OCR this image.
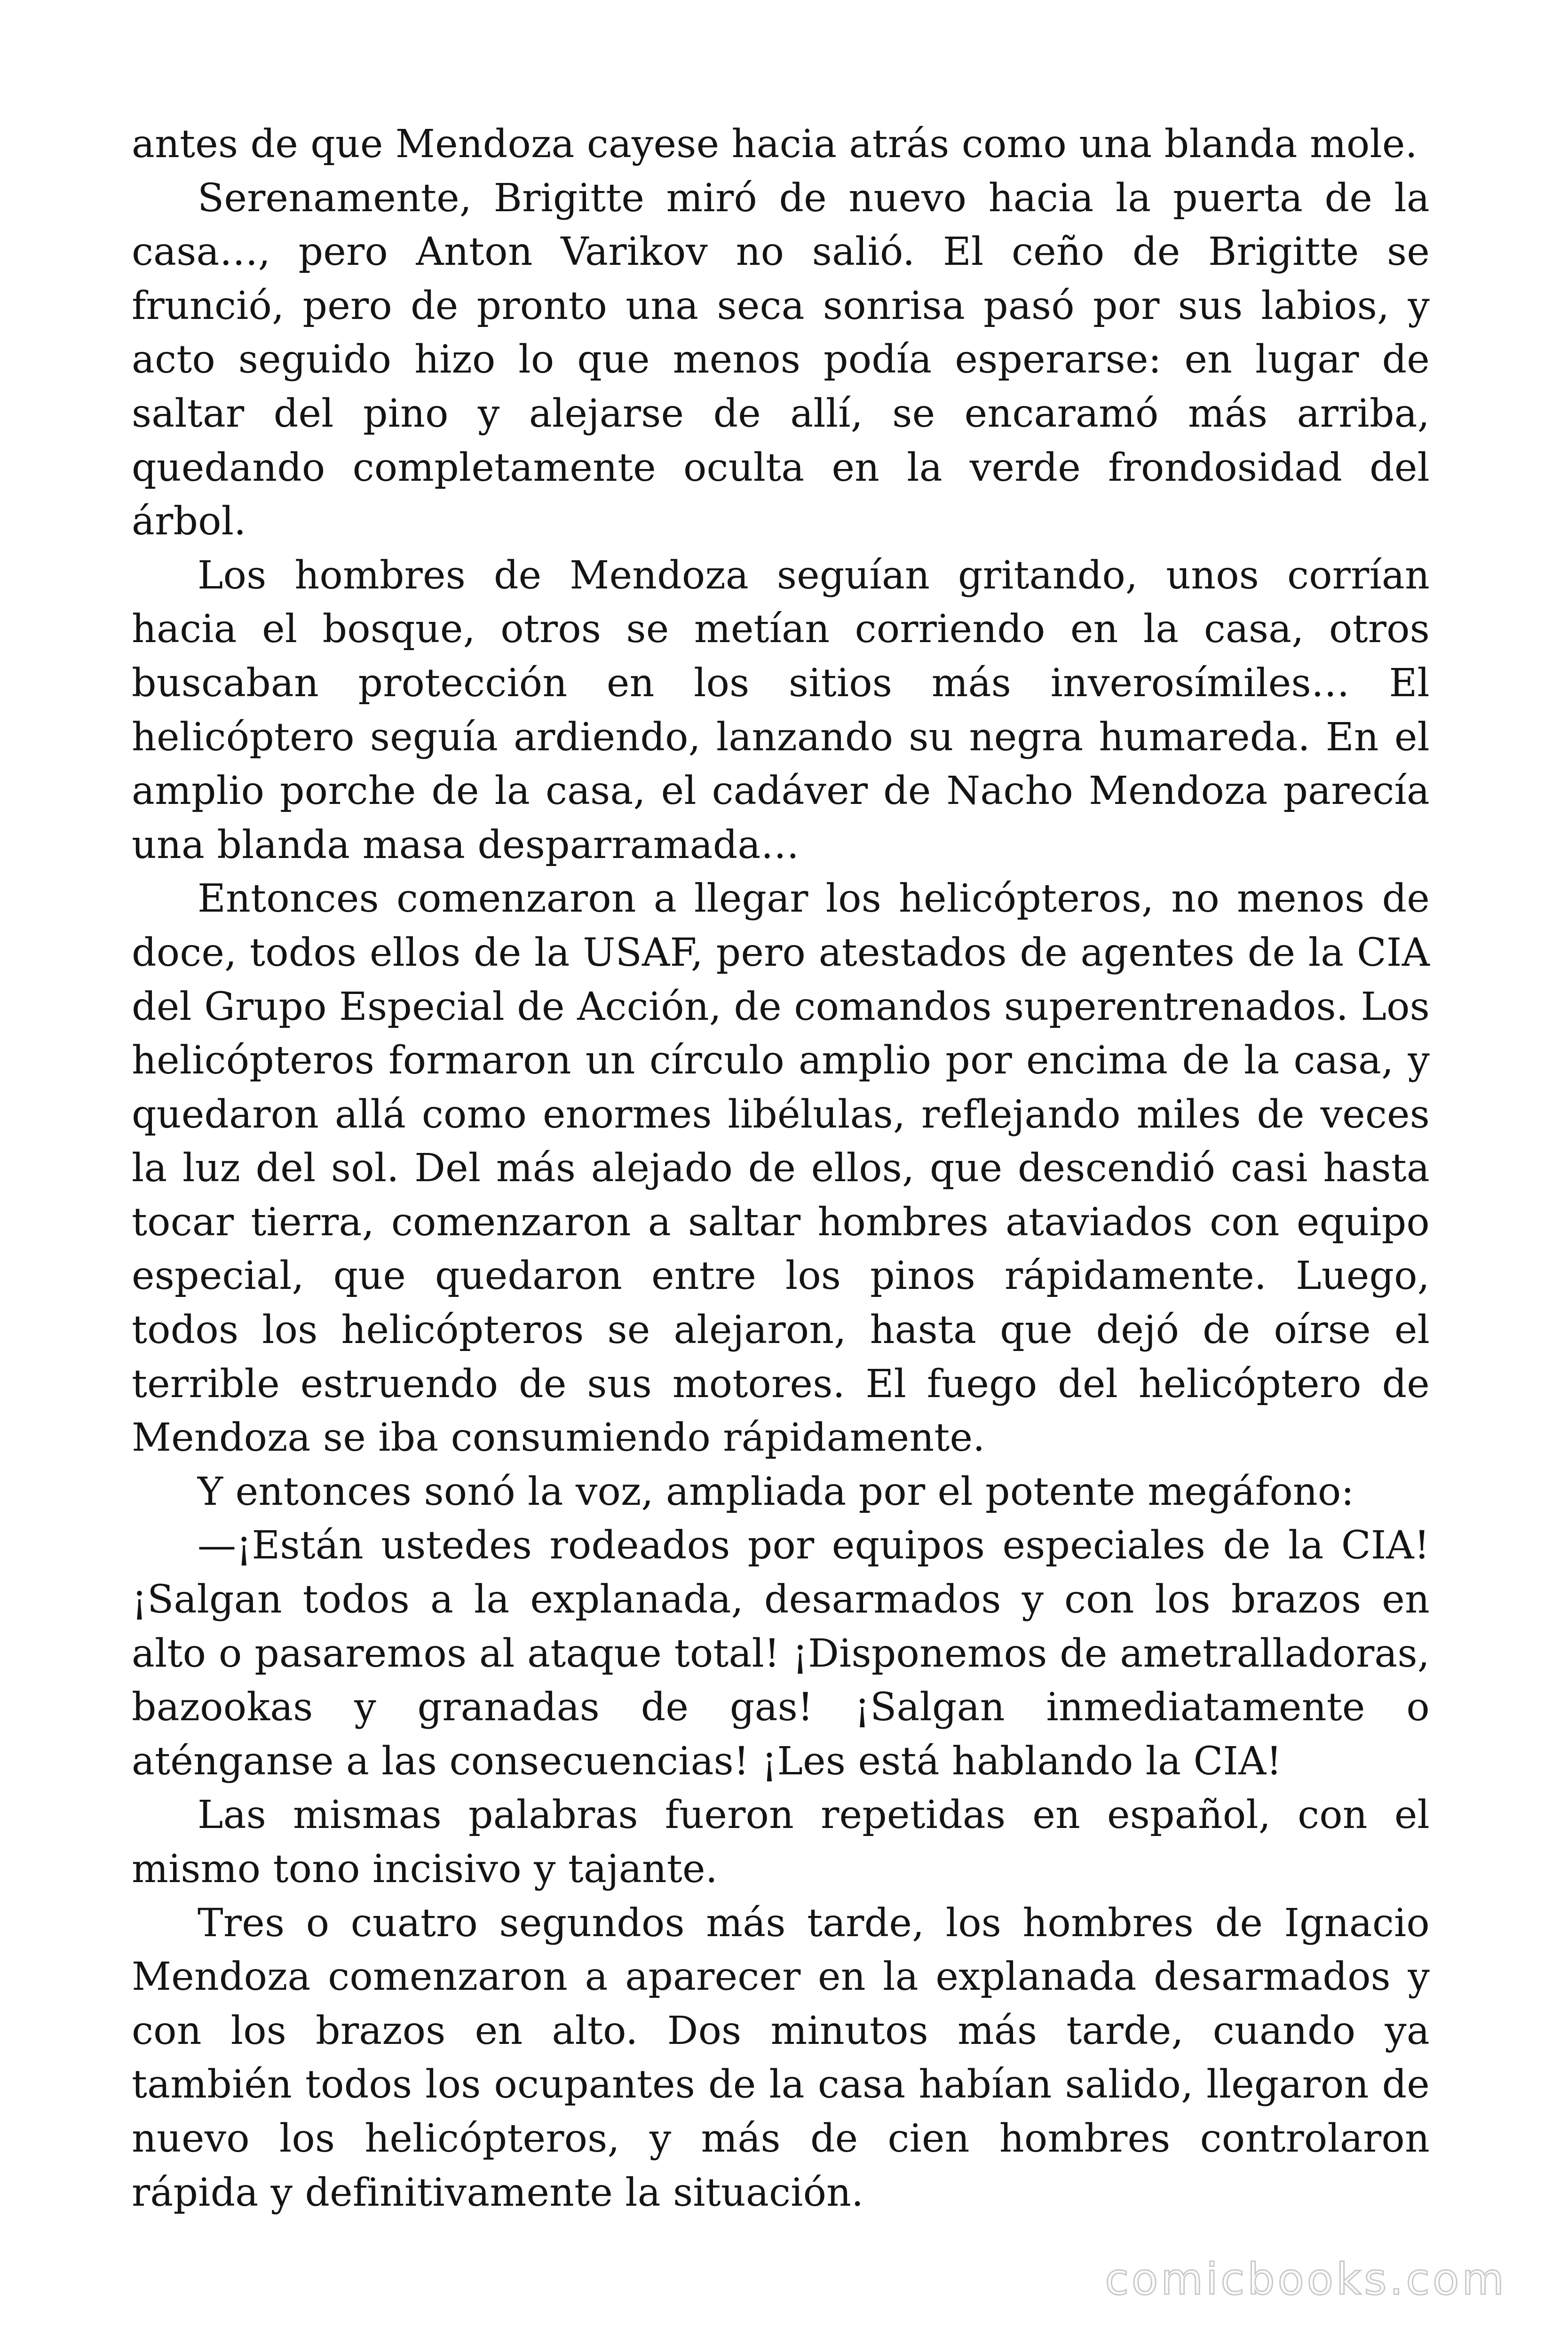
antes de que Mendoza cayese hacia atrás como una blanda mole.

Serenamente, Brigitte miró de nuevo hacia la puerta de la casa…, pero Anton Varikov no salió. El ceño de Brigitte se frunció, pero de pronto una seca sonrisa pasó por sus labios, y acto seguido hizo lo que menos podía esperarse: en lugar de saltar del pino y alejarse de allí, se encaramó más arriba, quedando completamente oculta en la verde frondosidad del árbol.

Los hombres de Mendoza seguían gritando, unos corrían hacia el bosque, otros se metían corriendo en la casa, otros buscaban protección en los sitios más inverosímiles… El helicóptero seguía ardiendo, lanzando su negra humareda. En el amplio porche de la casa, el cadáver de Nacho Mendoza parecía una blanda masa desparramada…

Entonces comenzaron a llegar los helicópteros, no menos de doce, todos ellos de la USAF, pero atestados de agentes de la CIA del Grupo Especial de Acción, de comandos superentrenados. Los helicópteros formaron un círculo amplio por encima de la casa, y quedaron allá como enormes libélulas, reflejando miles de veces la luz del sol. Del más alejado de ellos, que descendió casi hasta tocar tierra, comenzaron a saltar hombres ataviados con equipo especial, que quedaron entre los pinos rápidamente. Luego, todos los helicópteros se alejaron, hasta que dejó de oírse el terrible estruendo de sus motores. El fuego del helicóptero de Mendoza se iba consumiendo rápidamente.

Y entonces sonó la voz, ampliada por el potente megáfono:

—¡Están ustedes rodeados por equipos especiales de la CIA! ¡Salgan todos a la explanada, desarmados y con los brazos en alto o pasaremos al ataque total! ¡Disponemos de ametralladoras, bazookas y granadas de gas! ¡Salgan inmediatamente o aténganse a las consecuencias! ¡Les está hablando la CIA!

Las mismas palabras fueron repetidas en español, con el mismo tono incisivo y tajante.

Tres o cuatro segundos más tarde, los hombres de Ignacio Mendoza comenzaron a aparecer en la explanada desarmados y con los brazos en alto. Dos minutos más tarde, cuando ya también todos los ocupantes de la casa habían salido, llegaron de nuevo los helicópteros, y más de cien hombres controlaron rápida y definitivamente la situación.

comicbooks.com
